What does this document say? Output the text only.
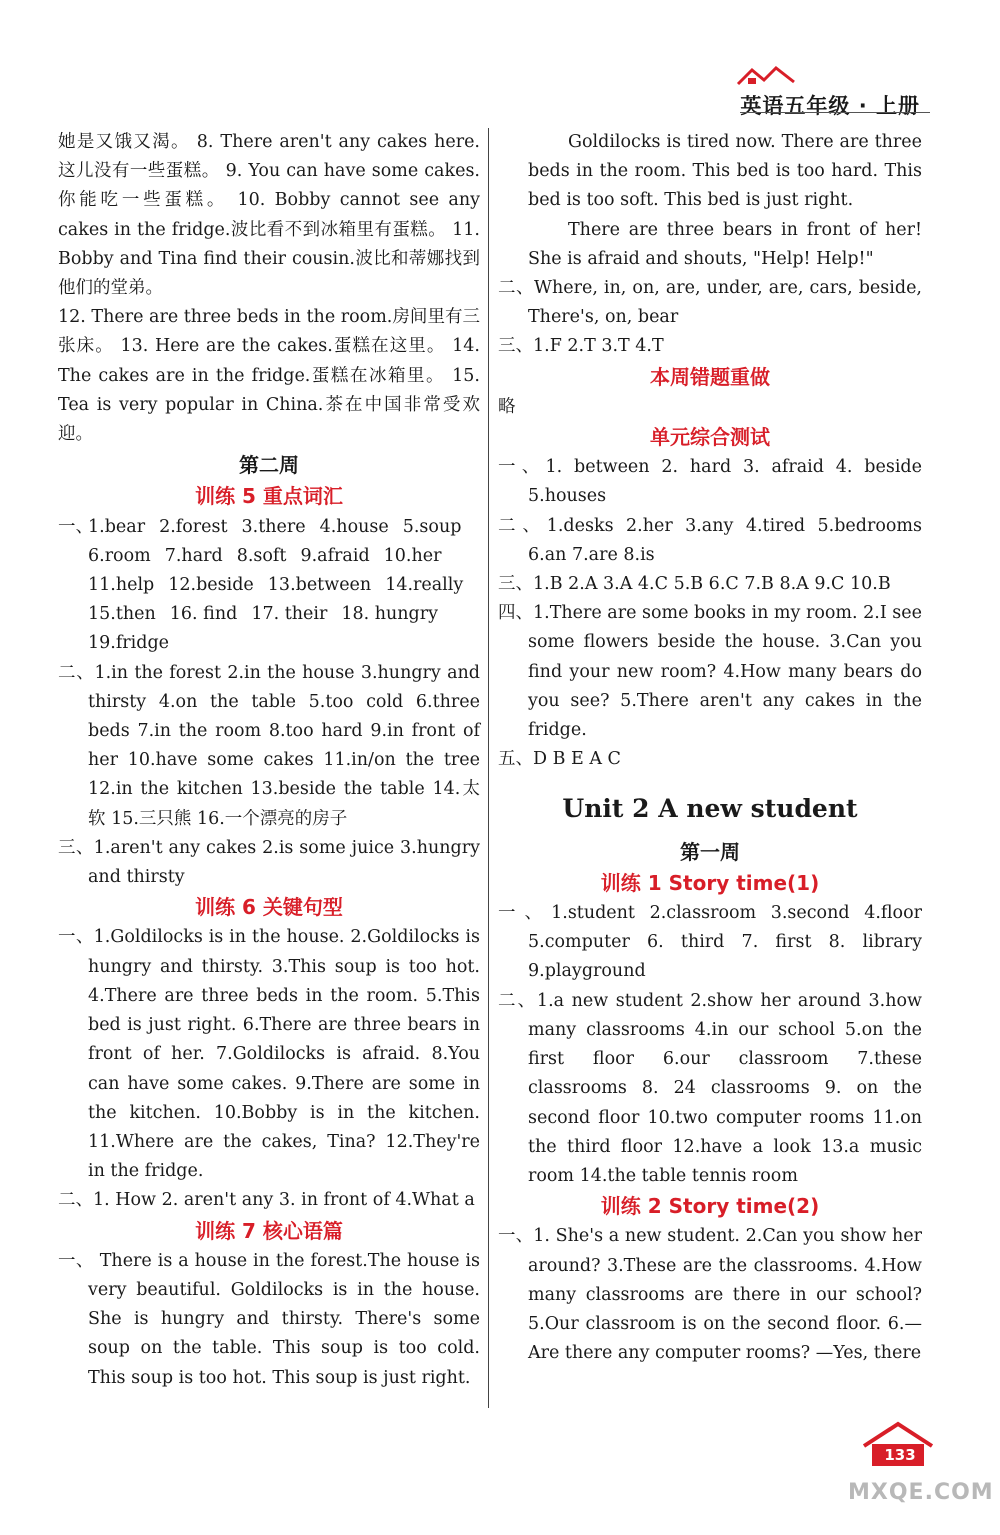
英语五年级 · 上册
她是又饿又渴。 8. There aren't any cakes here.这儿没有一些蛋糕。 9. You can have some cakes. 你能吃一些蛋糕。 10. Bobby cannot see any cakes in the fridge.波比看不到冰箱里有蛋糕。 11. Bobby and Tina find their cousin.波比和蒂娜找到他们的堂弟。
12. There are three beds in the room.房间里有三张床。 13. Here are the cakes.蛋糕在这里。 14. The cakes are in the fridge.蛋糕在冰箱里。 15. Tea is very popular in China.茶在中国非常受欢迎。
第二周
训练 5 重点词汇
一、
1.bear 2.forest 3.there 4.house 5.soup
6.room 7.hard 8.soft 9.afraid 10.her
11.help 12.beside 13.between 14.really
15.then 16. find 17. their 18. hungry
19.fridge
二、1.in the forest 2.in the house 3.hungry and thirsty 4.on the table 5.too cold 6.three beds 7.in the room 8.too hard 9.in front of her 10.have some cakes 11.in/on the tree 12.in the kitchen 13.beside the table 14.太软 15.三只熊 16.一个漂亮的房子
三、1.aren't any cakes 2.is some juice 3.hungry and thirsty
训练 6 关键句型
一、1.Goldilocks is in the house. 2.Goldilocks is hungry and thirsty. 3.This soup is too hot. 4.There are three beds in the room. 5.This bed is just right. 6.There are three bears in front of her. 7.Goldilocks is afraid. 8.You can have some cakes. 9.There are some in the kitchen. 10.Bobby is in the kitchen. 11.Where are the cakes, Tina? 12.They're in the fridge.
二、1. How 2. aren't any 3. in front of 4.What a
训练 7 核心语篇
一、 There is a house in the forest.The house is very beautiful. Goldilocks is in the house. She is hungry and thirsty. There's some soup on the table. This soup is too cold. This soup is too hot. This soup is just right.
Goldilocks is tired now. There are three beds in the room. This bed is too hard. This bed is too soft. This bed is just right.
There are three bears in front of her! She is afraid and shouts, "Help! Help!"
二、Where, in, on, are, under, are, cars, beside, There's, on, bear
三、1.F 2.T 3.T 4.T
本周错题重做
略
单元综合测试
一、1. between 2. hard 3. afraid 4. beside 5.houses
二、1.desks 2.her 3.any 4.tired 5.bedrooms 6.an 7.are 8.is
三、1.B 2.A 3.A 4.C 5.B 6.C 7.B 8.A 9.C 10.B
四、1.There are some books in my room. 2.I see some flowers beside the house. 3.Can you find your new room? 4.How many bears do you see? 5.There aren't any cakes in the fridge.
五、D B E A C
Unit 2 A new student
第一周
训练 1 Story time(1)
一、1.student 2.classroom 3.second 4.floor 5.computer 6. third 7. first 8. library 9.playground
二、1.a new student 2.show her around 3.how many classrooms 4.in our school 5.on the first floor 6.our classroom 7.these classrooms 8. 24 classrooms 9. on the second floor 10.two computer rooms 11.on the third floor 12.have a look 13.a music room 14.the table tennis room
训练 2 Story time(2)
一、1. She's a new student. 2.Can you show her around? 3.These are the classrooms. 4.How many classrooms are there in our school? 5.Our classroom is on the second floor. 6.—Are there any computer rooms? —Yes, there
133
MXQE.COM
